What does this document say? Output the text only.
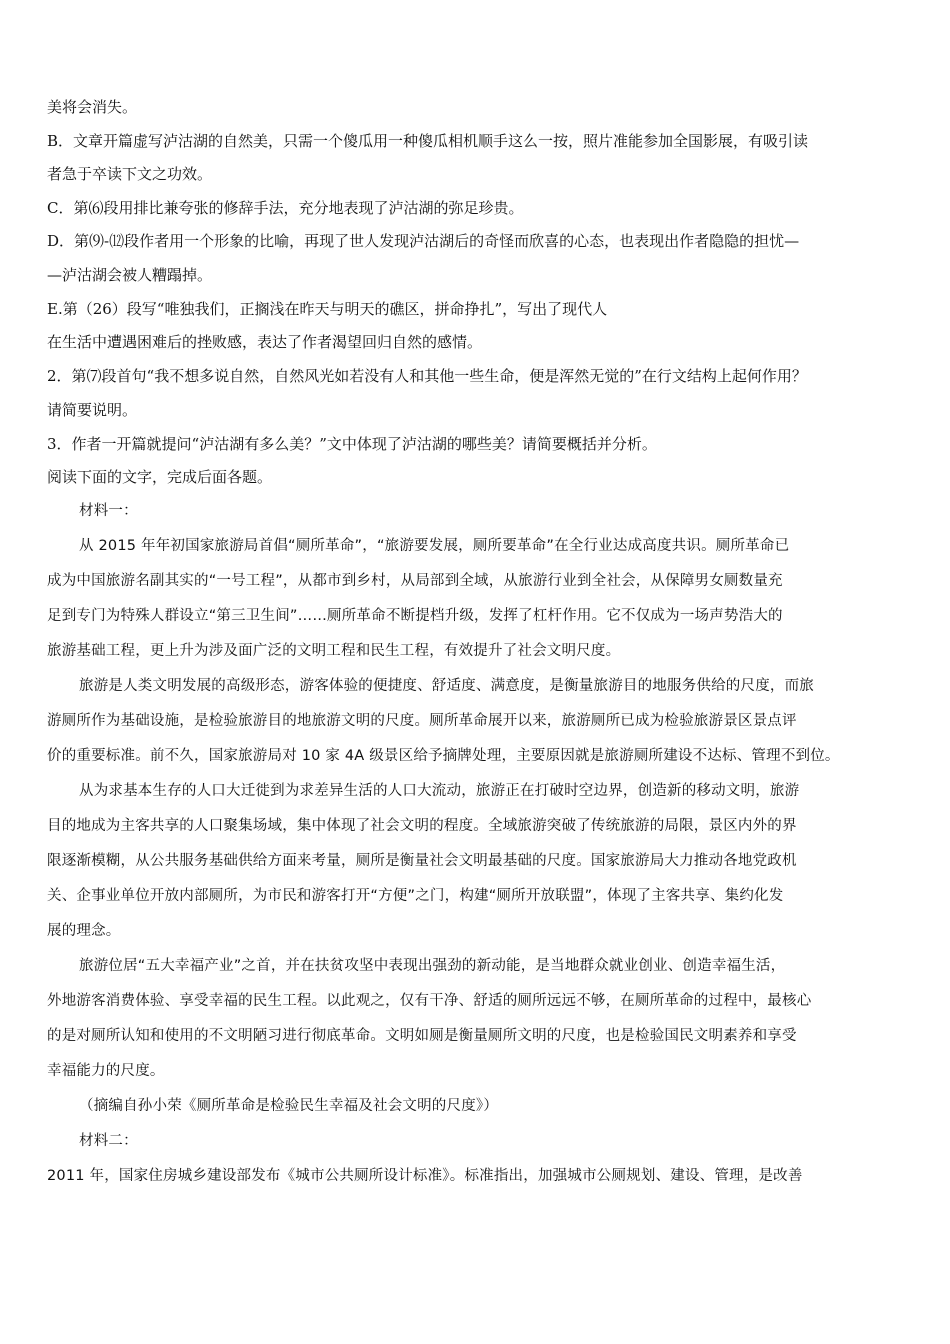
美将会消失。

B．文章开篇虚写泸沽湖的自然美，只需一个傻瓜用一种傻瓜相机顺手这么一按，照片准能参加全国影展，有吸引读

者急于卒读下文之功效。

C．第⑹段用排比兼夸张的修辞手法，充分地表现了泸沽湖的弥足珍贵。

D．第⑼-⑿段作者用一个形象的比喻，再现了世人发现泸沽湖后的奇怪而欣喜的心态，也表现出作者隐隐的担忧—

—泸沽湖会被人糟蹋掉。

E.第（26）段写“唯独我们，正搁浅在昨天与明天的礁区，拼命挣扎”，写出了现代人

在生活中遭遇困难后的挫败感，表达了作者渴望回归自然的感情。

2．第⑺段首句“我不想多说自然，自然风光如若没有人和其他一些生命，便是浑然无觉的”在行文结构上起何作用？

请简要说明。

3．作者一开篇就提问“泸沽湖有多么美？”文中体现了泸沽湖的哪些美？请简要概括并分析。

阅读下面的文字，完成后面各题。

材料一：

从 2015 年年初国家旅游局首倡“厕所革命”，“旅游要发展，厕所要革命”在全行业达成高度共识。厕所革命已

成为中国旅游名副其实的“一号工程”，从都市到乡村，从局部到全域，从旅游行业到全社会，从保障男女厕数量充

足到专门为特殊人群设立“第三卫生间”……厕所革命不断提档升级，发挥了杠杆作用。它不仅成为一场声势浩大的

旅游基础工程，更上升为涉及面广泛的文明工程和民生工程，有效提升了社会文明尺度。

旅游是人类文明发展的高级形态，游客体验的便捷度、舒适度、满意度，是衡量旅游目的地服务供给的尺度，而旅

游厕所作为基础设施，是检验旅游目的地旅游文明的尺度。厕所革命展开以来，旅游厕所已成为检验旅游景区景点评

价的重要标准。前不久，国家旅游局对 10 家 4A 级景区给予摘牌处理，主要原因就是旅游厕所建设不达标、管理不到位。

从为求基本生存的人口大迁徙到为求差异生活的人口大流动，旅游正在打破时空边界，创造新的移动文明，旅游

目的地成为主客共享的人口聚集场域，集中体现了社会文明的程度。全域旅游突破了传统旅游的局限，景区内外的界

限逐渐模糊，从公共服务基础供给方面来考量，厕所是衡量社会文明最基础的尺度。国家旅游局大力推动各地党政机

关、企事业单位开放内部厕所，为市民和游客打开“方便”之门，构建“厕所开放联盟”，体现了主客共享、集约化发

展的理念。

旅游位居“五大幸福产业”之首，并在扶贫攻坚中表现出强劲的新动能，是当地群众就业创业、创造幸福生活，

外地游客消费体验、享受幸福的民生工程。以此观之，仅有干净、舒适的厕所远远不够，在厕所革命的过程中，最核心

的是对厕所认知和使用的不文明陋习进行彻底革命。文明如厕是衡量厕所文明的尺度，也是检验国民文明素养和享受

幸福能力的尺度。

（摘编自孙小荣《厕所革命是检验民生幸福及社会文明的尺度》）

材料二：

2011 年，国家住房城乡建设部发布《城市公共厕所设计标准》。标准指出，加强城市公厕规划、建设、管理，是改善
